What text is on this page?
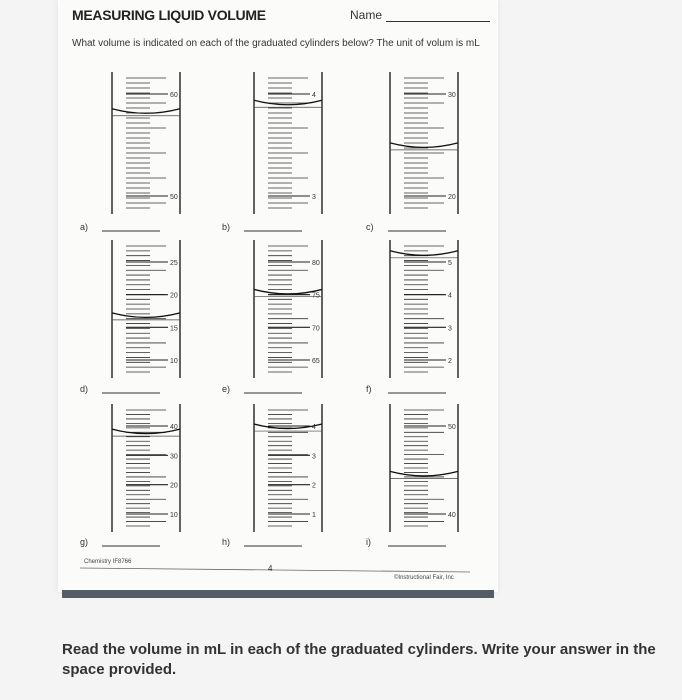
MEASURING LIQUID VOLUME	Name
What volume is indicated on each of the graduated cylinders below? The unit of volum is mL
60
50
a)
4
3
b)
30
20
c)
25
20
15
10
d)
80
75
70
65
e)
5
4
3
2
f)
40
30
20
10
g)
4
3
2
1
h)
50
40
i)
Chemistry IF8766
4
©Instructional Fair, Inc
Read the volume in mL in each of the graduated cylinders. Write your answer in the space provided.
